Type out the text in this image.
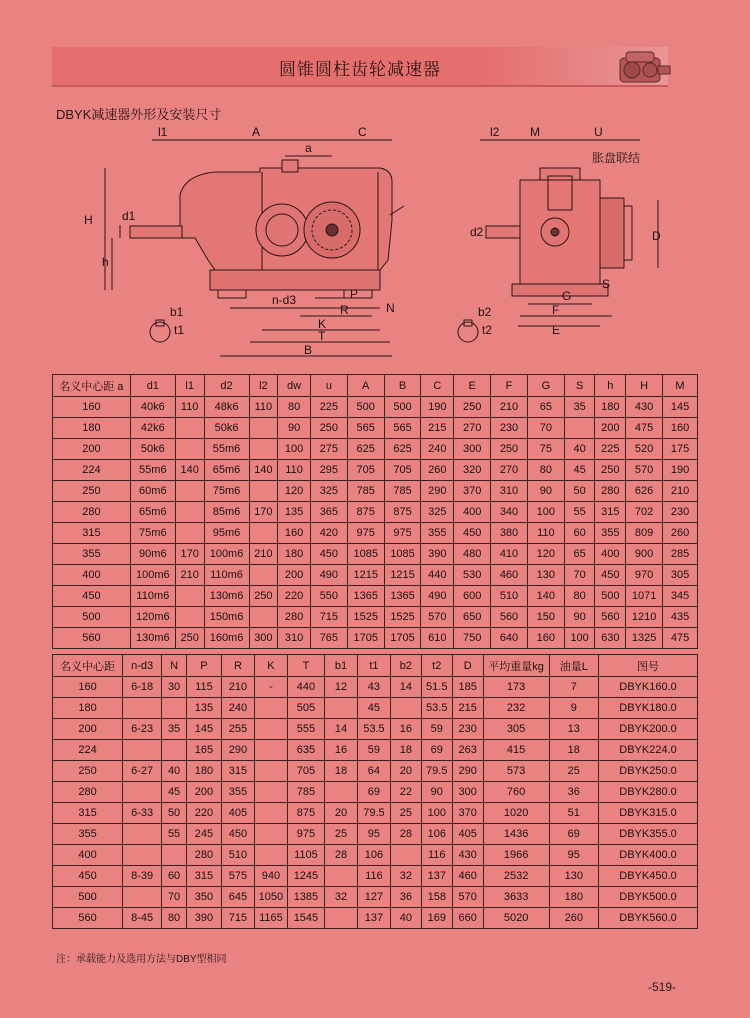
圆锥圆柱齿轮减速器
DBYK减速器外形及安装尺寸
l1	A	C
a
H d1
h
n-d3	P
N
R
K
T
B
b1
t1
l2	M	U
胀盘联结
d2	D
S
G
F
E
b2
t2
名义中心距 a	d1	l1	d2	l2	dw	u	A	B	C	E	F	G	S	h	H	M
160	40k6	110	48k6	110	80	225	500	500	190	250	210	65	35	180	430	145
180	42k6		50k6		90	250	565	565	215	270	230	70		200	475	160
200	50k6		55m6		100	275	625	625	240	300	250	75	40	225	520	175
224	55m6	140	65m6	140	110	295	705	705	260	320	270	80	45	250	570	190
250	60m6		75m6		120	325	785	785	290	370	310	90	50	280	626	210
280	65m6		85m6	170	135	365	875	875	325	400	340	100	55	315	702	230
315	75m6		95m6		160	420	975	975	355	450	380	110	60	355	809	260
355	90m6	170	100m6	210	180	450	1085	1085	390	480	410	120	65	400	900	285
400	100m6	210	110m6		200	490	1215	1215	440	530	460	130	70	450	970	305
450	110m6		130m6	250	220	550	1365	1365	490	600	510	140	80	500	1071	345
500	120m6		150m6		280	715	1525	1525	570	650	560	150	90	560	1210	435
560	130m6	250	160m6	300	310	765	1705	1705	610	750	640	160	100	630	1325	475
名义中心距	n-d3	N	P	R	K	T	b1	t1	b2	t2	D	平均重量kg	油量L	图号
160	6-18	30	115	210	-	440	12	43	14	51.5	185	173	7	DBYK160.0
180			135	240		505		45		53.5	215	232	9	DBYK180.0
200	6-23	35	145	255		555	14	53.5	16	59	230	305	13	DBYK200.0
224			165	290		635	16	59	18	69	263	415	18	DBYK224.0
250	6-27	40	180	315		705	18	64	20	79.5	290	573	25	DBYK250.0
280		45	200	355		785		69	22	90	300	760	36	DBYK280.0
315	6-33	50	220	405		875	20	79.5	25	100	370	1020	51	DBYK315.0
355		55	245	450		975	25	95	28	106	405	1436	69	DBYK355.0
400			280	510		1105	28	106		116	430	1966	95	DBYK400.0
450	8-39	60	315	575	940	1245		116	32	137	460	2532	130	DBYK450.0
500		70	350	645	1050	1385	32	127	36	158	570	3633	180	DBYK500.0
560	8-45	80	390	715	1165	1545		137	40	169	660	5020	260	DBYK560.0
注：承载能力及选用方法与DBY型相同
-519-
